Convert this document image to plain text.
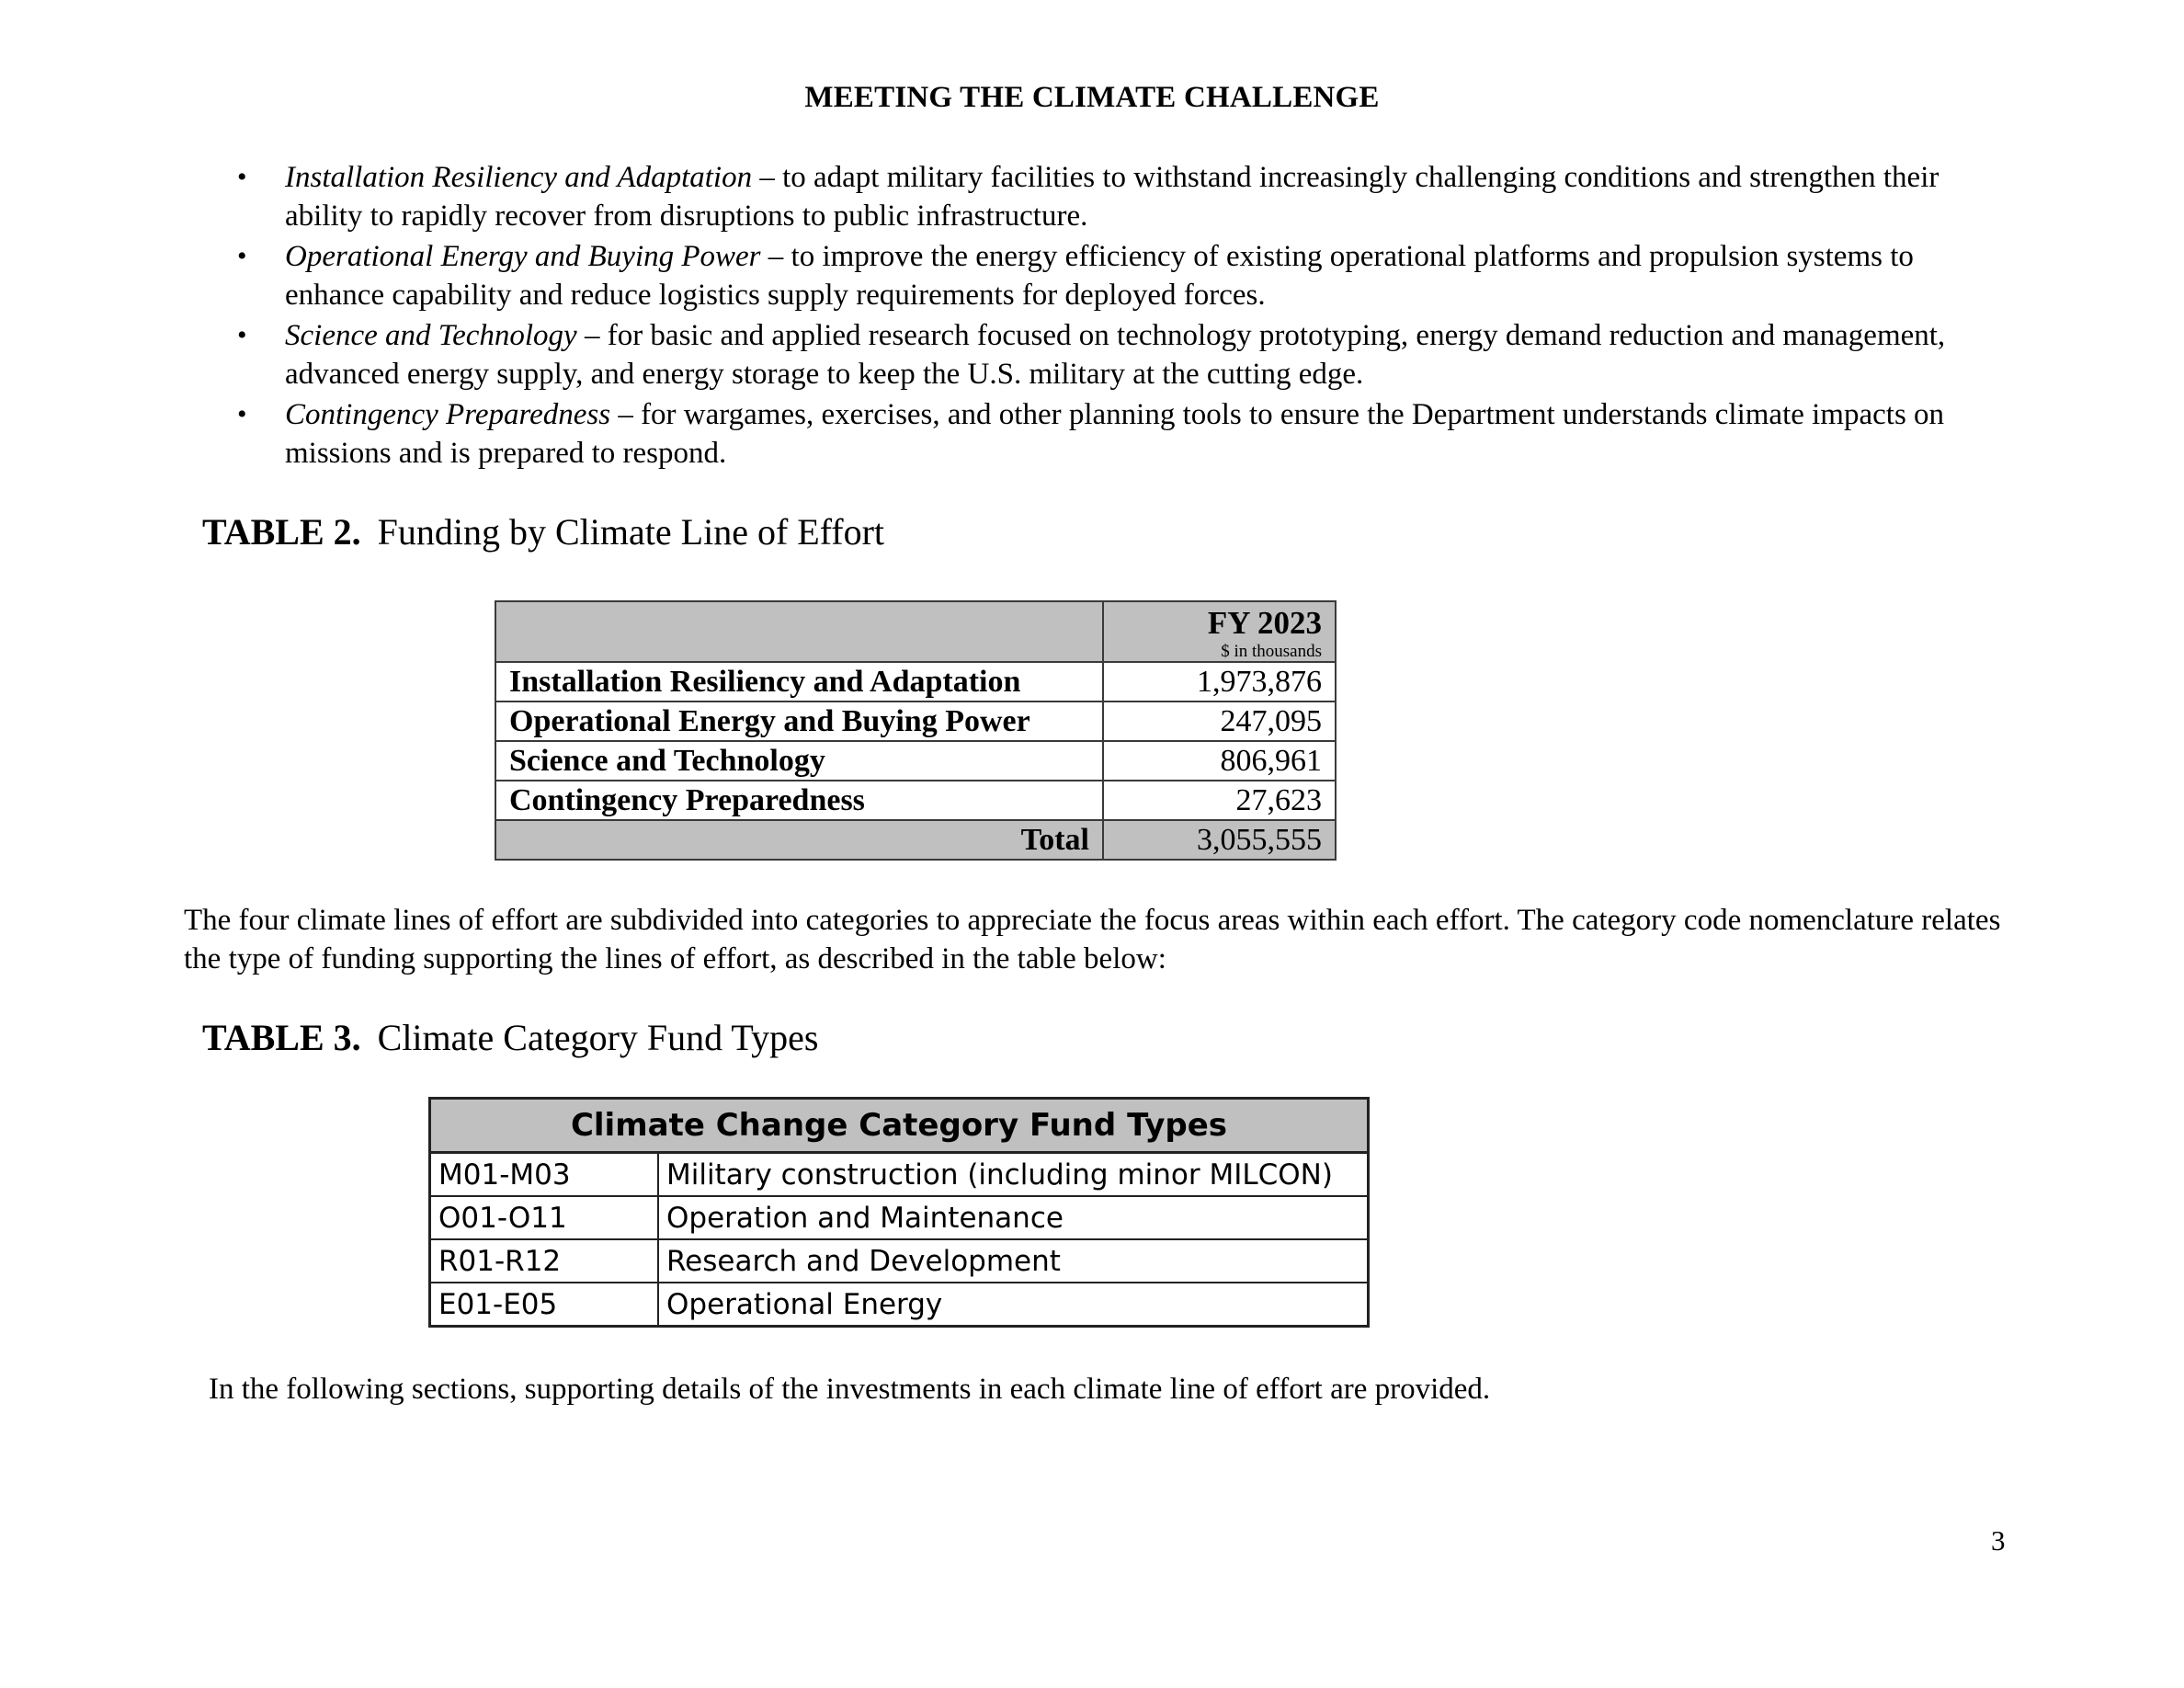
MEETING THE CLIMATE CHALLENGE
• Installation Resiliency and Adaptation – to adapt military facilities to withstand increasingly challenging conditions and strengthen their ability to rapidly recover from disruptions to public infrastructure.
• Operational Energy and Buying Power – to improve the energy efficiency of existing operational platforms and propulsion systems to enhance capability and reduce logistics supply requirements for deployed forces.
• Science and Technology – for basic and applied research focused on technology prototyping, energy demand reduction and management, advanced energy supply, and energy storage to keep the U.S. military at the cutting edge.
• Contingency Preparedness – for wargames, exercises, and other planning tools to ensure the Department understands climate impacts on missions and is prepared to respond.
TABLE 2. Funding by Climate Line of Effort

	FY 2023
$ in thousands

Installation Resiliency and Adaptation	1,973,876
Operational Energy and Buying Power	247,095
Science and Technology	806,961
Contingency Preparedness	27,623
Total	3,055,555
The four climate lines of effort are subdivided into categories to appreciate the focus areas within each effort. The category code nomenclature relates the type of funding supporting the lines of effort, as described in the table below:
TABLE 3. Climate Category Fund Types
Climate Change Category Fund Types	
M01-M03	Military construction (including minor MILCON)
O01-O11	Operation and Maintenance
R01-R12	Research and Development
E01-E05	Operational Energy
In the following sections, supporting details of the investments in each climate line of effort are provided.
3
